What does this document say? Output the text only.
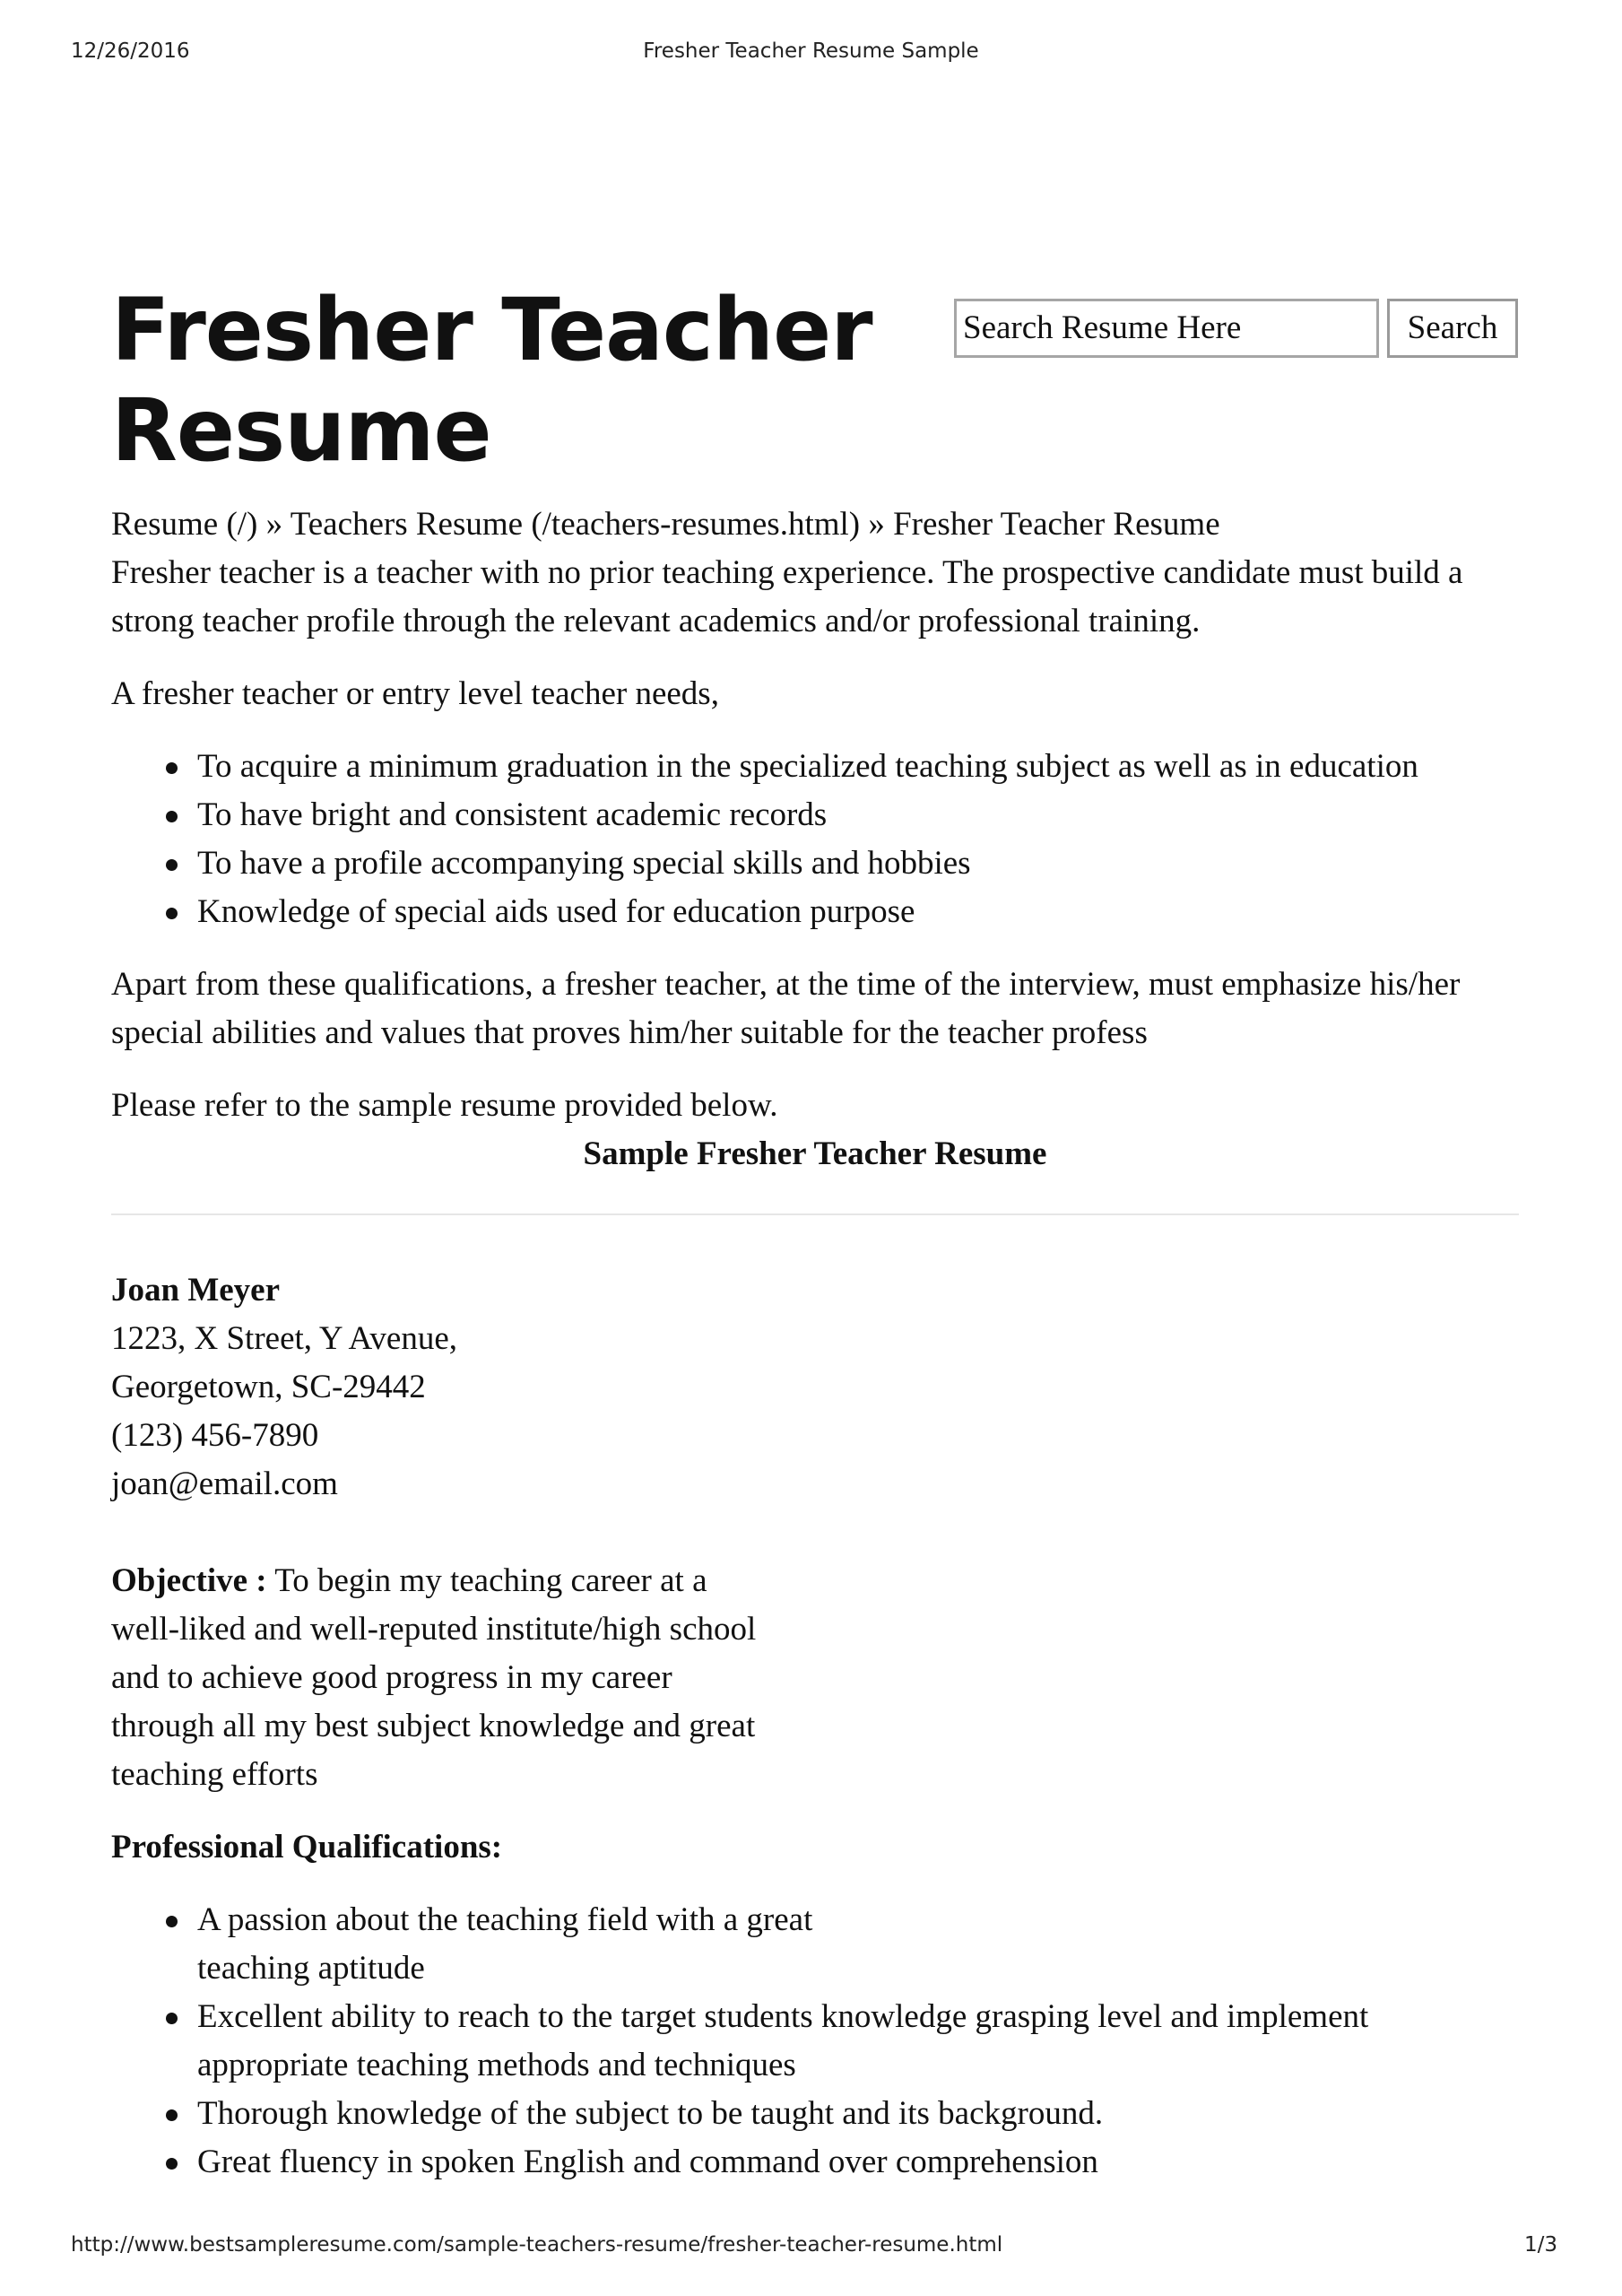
12/26/2016	Fresher Teacher Resume Sample
Fresher Teacher Resume
Search Resume Here	Search

Resume (/) » Teachers Resume (/teachers-resumes.html) » Fresher Teacher Resume

Fresher teacher is a teacher with no prior teaching experience. The prospective candidate must build a strong teacher profile through the relevant academics and/or professional training.

A fresher teacher or entry level teacher needs,

To acquire a minimum graduation in the specialized teaching subject as well as in education
To have bright and consistent academic records
To have a profile accompanying special skills and hobbies
Knowledge of special aids used for education purpose

Apart from these qualifications, a fresher teacher, at the time of the interview, must emphasize his/her special abilities and values that proves him/her suitable for the teacher profess

Please refer to the sample resume provided below.

Sample Fresher Teacher Resume

Joan Meyer

1223, X Street, Y Avenue,

Georgetown, SC-29442

(123) 456-7890

joan@email.com

Objective : To begin my teaching career at a well-liked and well-reputed institute/high school and to achieve good progress in my career through all my best subject knowledge and great teaching efforts

Professional Qualifications:

A passion about the teaching field with a great teaching aptitude
Excellent ability to reach to the target students knowledge grasping level and implement appropriate teaching methods and techniques
Thorough knowledge of the subject to be taught and its background.
Great fluency in spoken English and command over comprehension
http://www.bestsampleresume.com/sample-teachers-resume/fresher-teacher-resume.html	1/3
